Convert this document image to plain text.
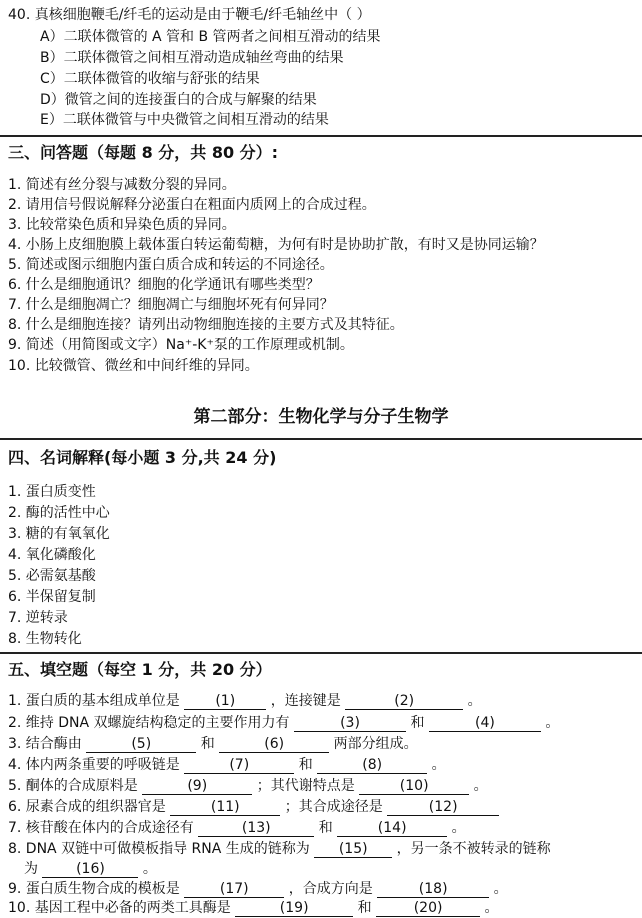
40. 真核细胞鞭毛/纤毛的运动是由于鞭毛/纤毛轴丝中（ ）
A）二联体微管的 A 管和 B 管两者之间相互滑动的结果
B）二联体微管之间相互滑动造成轴丝弯曲的结果
C）二联体微管的收缩与舒张的结果
D）微管之间的连接蛋白的合成与解聚的结果
E）二联体微管与中央微管之间相互滑动的结果
三、问答题（每题 8 分，共 80 分）:
1. 简述有丝分裂与减数分裂的异同。
2. 请用信号假说解释分泌蛋白在粗面内质网上的合成过程。
3. 比较常染色质和异染色质的异同。
4. 小肠上皮细胞膜上载体蛋白转运葡萄糖，为何有时是协助扩散，有时又是协同运输？
5. 简述或图示细胞内蛋白质合成和转运的不同途径。
6. 什么是细胞通讯？细胞的化学通讯有哪些类型？
7. 什么是细胞凋亡？细胞凋亡与细胞坏死有何异同？
8. 什么是细胞连接？请列出动物细胞连接的主要方式及其特征。
9. 简述（用简图或文字）Na⁺-K⁺泵的工作原理或机制。
10. 比较微管、微丝和中间纤维的异同。
第二部分：生物化学与分子生物学
四、名词解释(每小题 3 分,共 24 分)
1. 蛋白质变性
2. 酶的活性中心
3. 糖的有氧氧化
4. 氧化磷酸化
5. 必需氨基酸
6. 半保留复制
7. 逆转录
8. 生物转化
五、填空题（每空 1 分，共 20 分）
1. 蛋白质的基本组成单位是	(1)	，连接键是	(2)	。
2. 维持 DNA 双螺旋结构稳定的主要作用力有	(3)	和	(4)	。
3. 结合酶由	(5)	和	(6)	两部分组成。
4. 体内两条重要的呼吸链是	(7)	和	(8)	。
5. 酮体的合成原料是	(9)	；其代谢特点是	(10)	。
6. 尿素合成的组织器官是	(11)	；其合成途径是	(12)
7. 核苷酸在体内的合成途径有	(13)	和	(14)	。
8. DNA 双链中可做模板指导 RNA 生成的链称为 (15) ，另一条不被转录的链称
为	(16)	。
9. 蛋白质生物合成的模板是	(17)	，合成方向是	(18)	。
10. 基因工程中必备的两类工具酶是	(19)	和	(20)	。
